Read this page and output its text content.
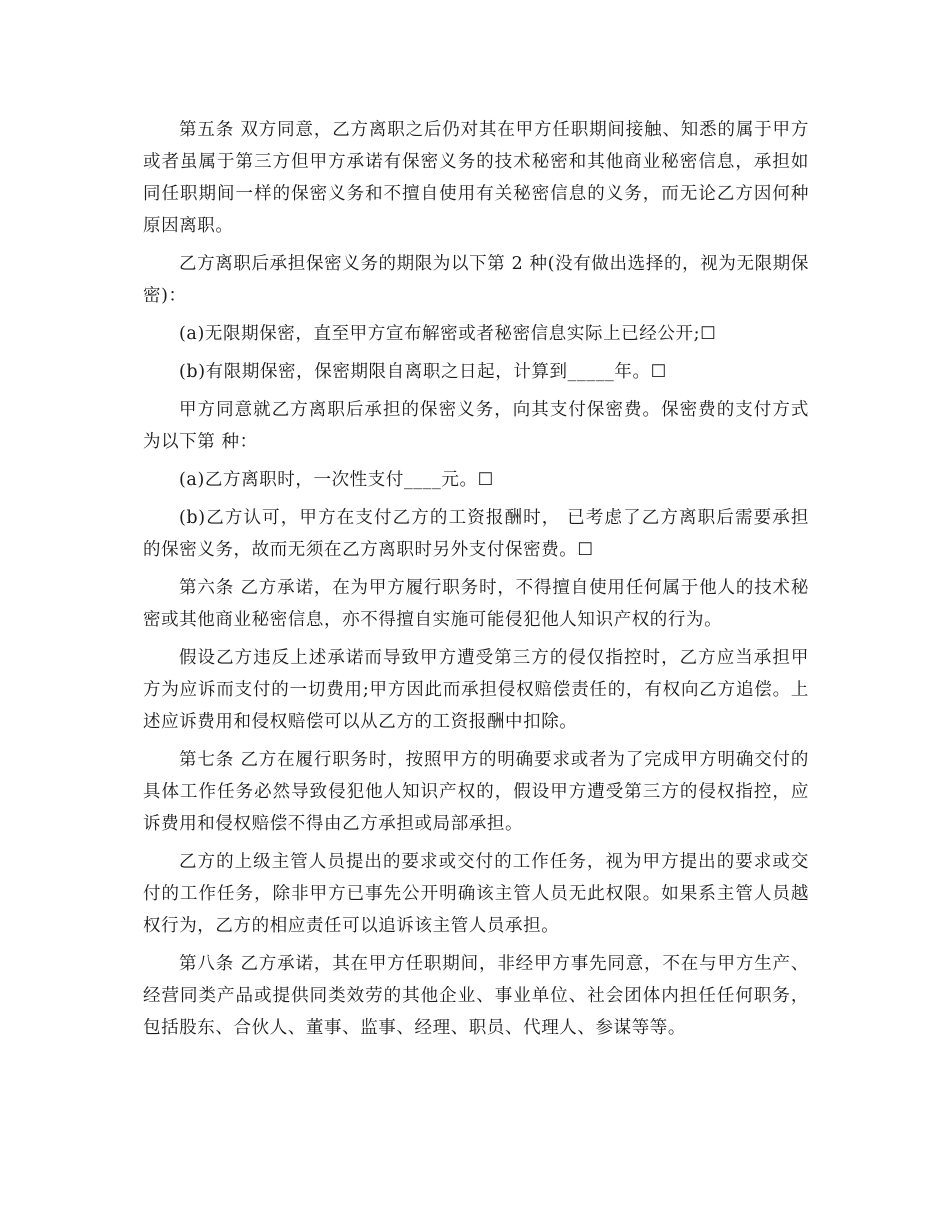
第五条 双方同意，乙方离职之后仍对其在甲方任职期间接触、知悉的属于甲方或者虽属于第三方但甲方承诺有保密义务的技术秘密和其他商业秘密信息，承担如同任职期间一样的保密义务和不擅自使用有关秘密信息的义务，而无论乙方因何种原因离职。

乙方离职后承担保密义务的期限为以下第 2 种(没有做出选择的，视为无限期保密)：

(a)无限期保密，直至甲方宣布解密或者秘密信息实际上已经公开;☐

(b)有限期保密，保密期限自离职之日起，计算到_____年。☐

甲方同意就乙方离职后承担的保密义务，向其支付保密费。保密费的支付方式为以下第 种：

(a)乙方离职时，一次性支付____元。☐

(b)乙方认可，甲方在支付乙方的工资报酬时， 已考虑了乙方离职后需要承担的保密义务，故而无须在乙方离职时另外支付保密费。☐

第六条 乙方承诺，在为甲方履行职务时，不得擅自使用任何属于他人的技术秘密或其他商业秘密信息，亦不得擅自实施可能侵犯他人知识产权的行为。

假设乙方违反上述承诺而导致甲方遭受第三方的侵仅指控时，乙方应当承担甲方为应诉而支付的一切费用;甲方因此而承担侵权赔偿责任的，有权向乙方追偿。上述应诉费用和侵权赔偿可以从乙方的工资报酬中扣除。

第七条 乙方在履行职务时，按照甲方的明确要求或者为了完成甲方明确交付的具体工作任务必然导致侵犯他人知识产权的，假设甲方遭受第三方的侵权指控，应诉费用和侵权赔偿不得由乙方承担或局部承担。

乙方的上级主管人员提出的要求或交付的工作任务，视为甲方提出的要求或交付的工作任务，除非甲方已事先公开明确该主管人员无此权限。如果系主管人员越权行为，乙方的相应责任可以追诉该主管人员承担。

第八条 乙方承诺，其在甲方任职期间，非经甲方事先同意，不在与甲方生产、经营同类产品或提供同类效劳的其他企业、事业单位、社会团体内担任任何职务，包括股东、合伙人、董事、监事、经理、职员、代理人、参谋等等。
